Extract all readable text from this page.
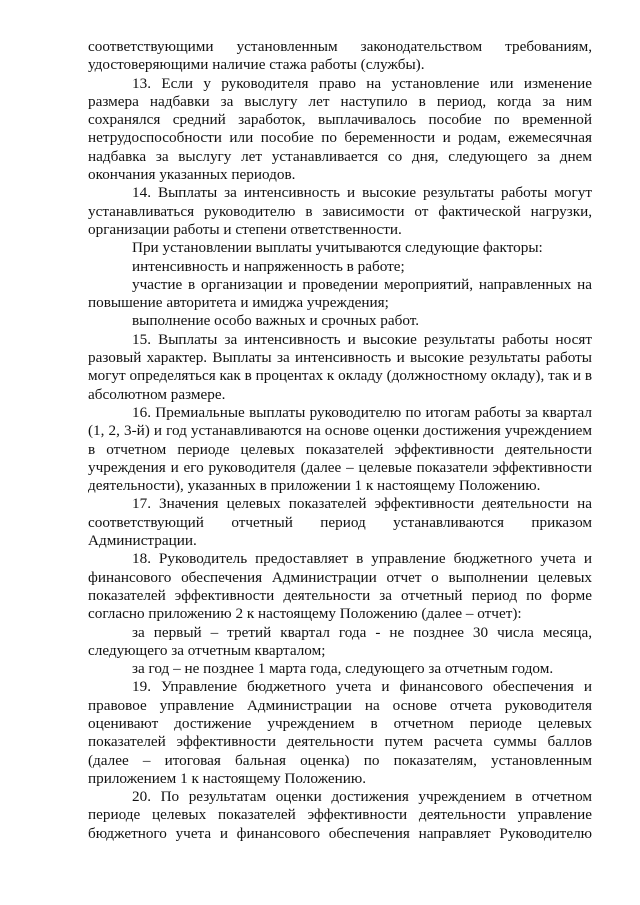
соответствующими установленным законодательством требованиям, удостоверяющими наличие стажа работы (службы).

13. Если у руководителя право на установление или изменение размера надбавки за выслугу лет наступило в период, когда за ним сохранялся средний заработок, выплачивалось пособие по временной нетрудоспособности или пособие по беременности и родам, ежемесячная надбавка за выслугу лет устанавливается со дня, следующего за днем окончания указанных периодов.

14. Выплаты за интенсивность и высокие результаты работы могут устанавливаться руководителю в зависимости от фактической нагрузки, организации работы и степени ответственности.

При установлении выплаты учитываются следующие факторы:

интенсивность и напряженность в работе;

участие в организации и проведении мероприятий, направленных на повышение авторитета и имиджа учреждения;

выполнение особо важных и срочных работ.

15. Выплаты за интенсивность и высокие результаты работы носят разовый характер. Выплаты за интенсивность и высокие результаты работы могут определяться как в процентах к окладу (должностному окладу), так и в абсолютном размере.

16. Премиальные выплаты руководителю по итогам работы за квартал (1, 2, 3-й) и год устанавливаются на основе оценки достижения учреждением в отчетном периоде целевых показателей эффективности деятельности учреждения и его руководителя (далее – целевые показатели эффективности деятельности), указанных в приложении 1 к настоящему Положению.

17. Значения целевых показателей эффективности деятельности на соответствующий отчетный период устанавливаются приказом Администрации.

18. Руководитель предоставляет в управление бюджетного учета и финансового обеспечения Администрации отчет о выполнении целевых показателей эффективности деятельности за отчетный период по форме согласно приложению 2 к настоящему Положению (далее – отчет):

за первый – третий квартал года - не позднее 30 числа месяца, следующего за отчетным кварталом;

за год – не позднее 1 марта года, следующего за отчетным годом.

19. Управление бюджетного учета и финансового обеспечения и правовое управление Администрации на основе отчета руководителя оценивают достижение учреждением в отчетном периоде целевых показателей эффективности деятельности путем расчета суммы баллов (далее – итоговая бальная оценка) по показателям, установленным приложением 1 к настоящему Положению.

20. По результатам оценки достижения учреждением в отчетном периоде целевых показателей эффективности деятельности управление бюджетного учета и финансового обеспечения направляет Руководителю
